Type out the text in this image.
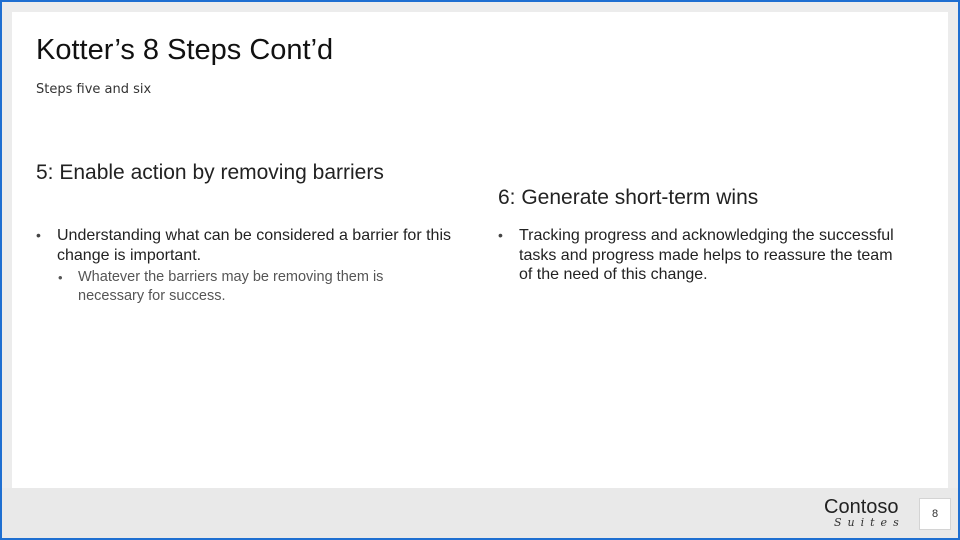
Kotter’s 8 Steps Cont’d
Steps five and six
5: Enable action by removing barriers
• Understanding what can be considered a barrier for this change is important.
• Whatever the barriers may be removing them is necessary for success.
6: Generate short-term wins
• Tracking progress and acknowledging the successful tasks and progress made helps to reassure the team of the need of this change.
Contoso
Suites
8
